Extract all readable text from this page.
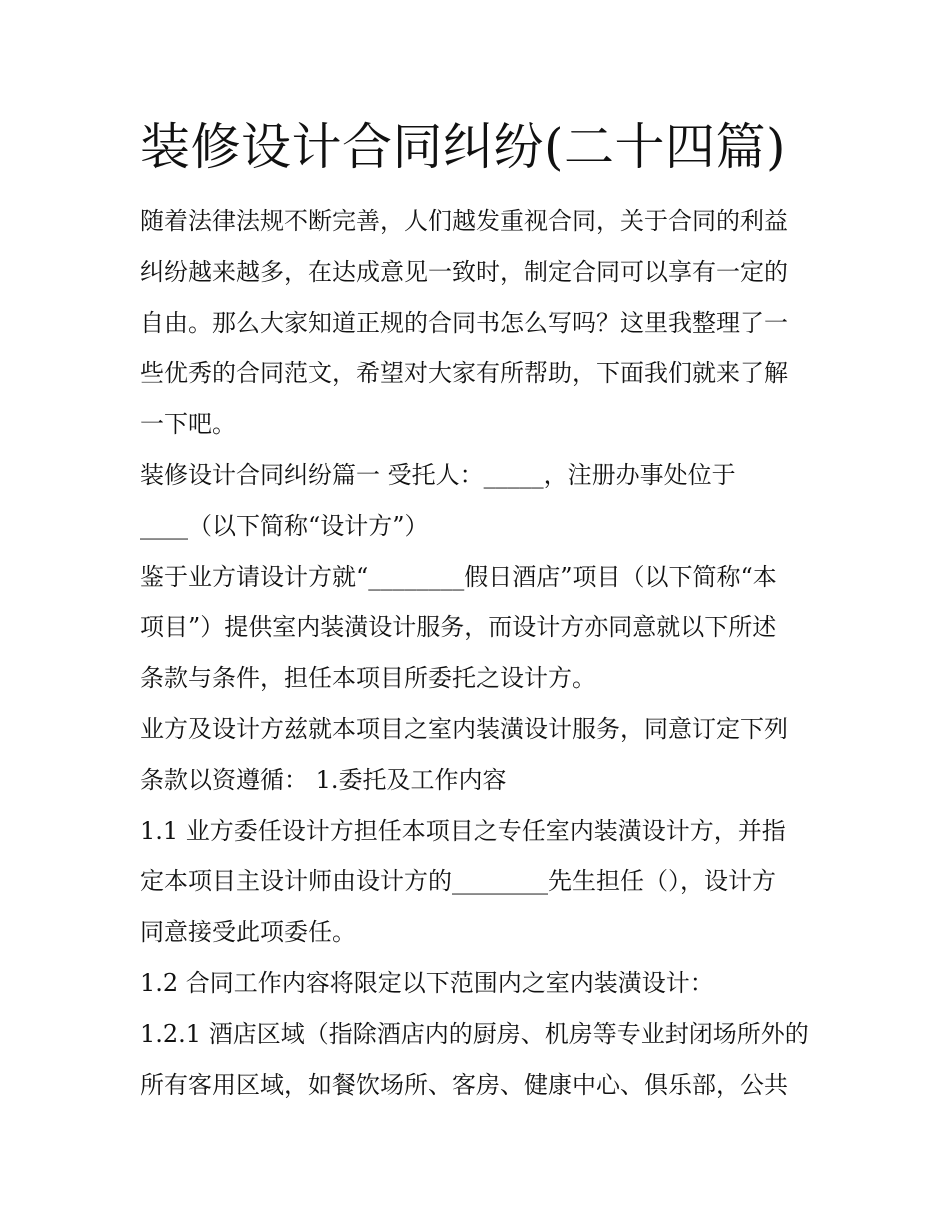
装修设计合同纠纷(二十四篇)
随着法律法规不断完善，人们越发重视合同，关于合同的利益
纠纷越来越多，在达成意见一致时，制定合同可以享有一定的
自由。那么大家知道正规的合同书怎么写吗？这里我整理了一
些优秀的合同范文，希望对大家有所帮助，下面我们就来了解
一下吧。
装修设计合同纠纷篇一 受托人：_____，注册办事处位于
____（以下简称“设计方”）
鉴于业方请设计方就“________假日酒店”项目（以下简称“本
项目”）提供室内装潢设计服务，而设计方亦同意就以下所述
条款与条件，担任本项目所委托之设计方。
业方及设计方兹就本项目之室内装潢设计服务，同意订定下列
条款以资遵循： 1.委托及工作内容
1.1 业方委任设计方担任本项目之专任室内装潢设计方，并指
定本项目主设计师由设计方的________先生担任（），设计方
同意接受此项委任。
1.2 合同工作内容将限定以下范围内之室内装潢设计：
1.2.1 酒店区域（指除酒店内的厨房、机房等专业封闭场所外的
所有客用区域，如餐饮场所、客房、健康中心、俱乐部，公共
